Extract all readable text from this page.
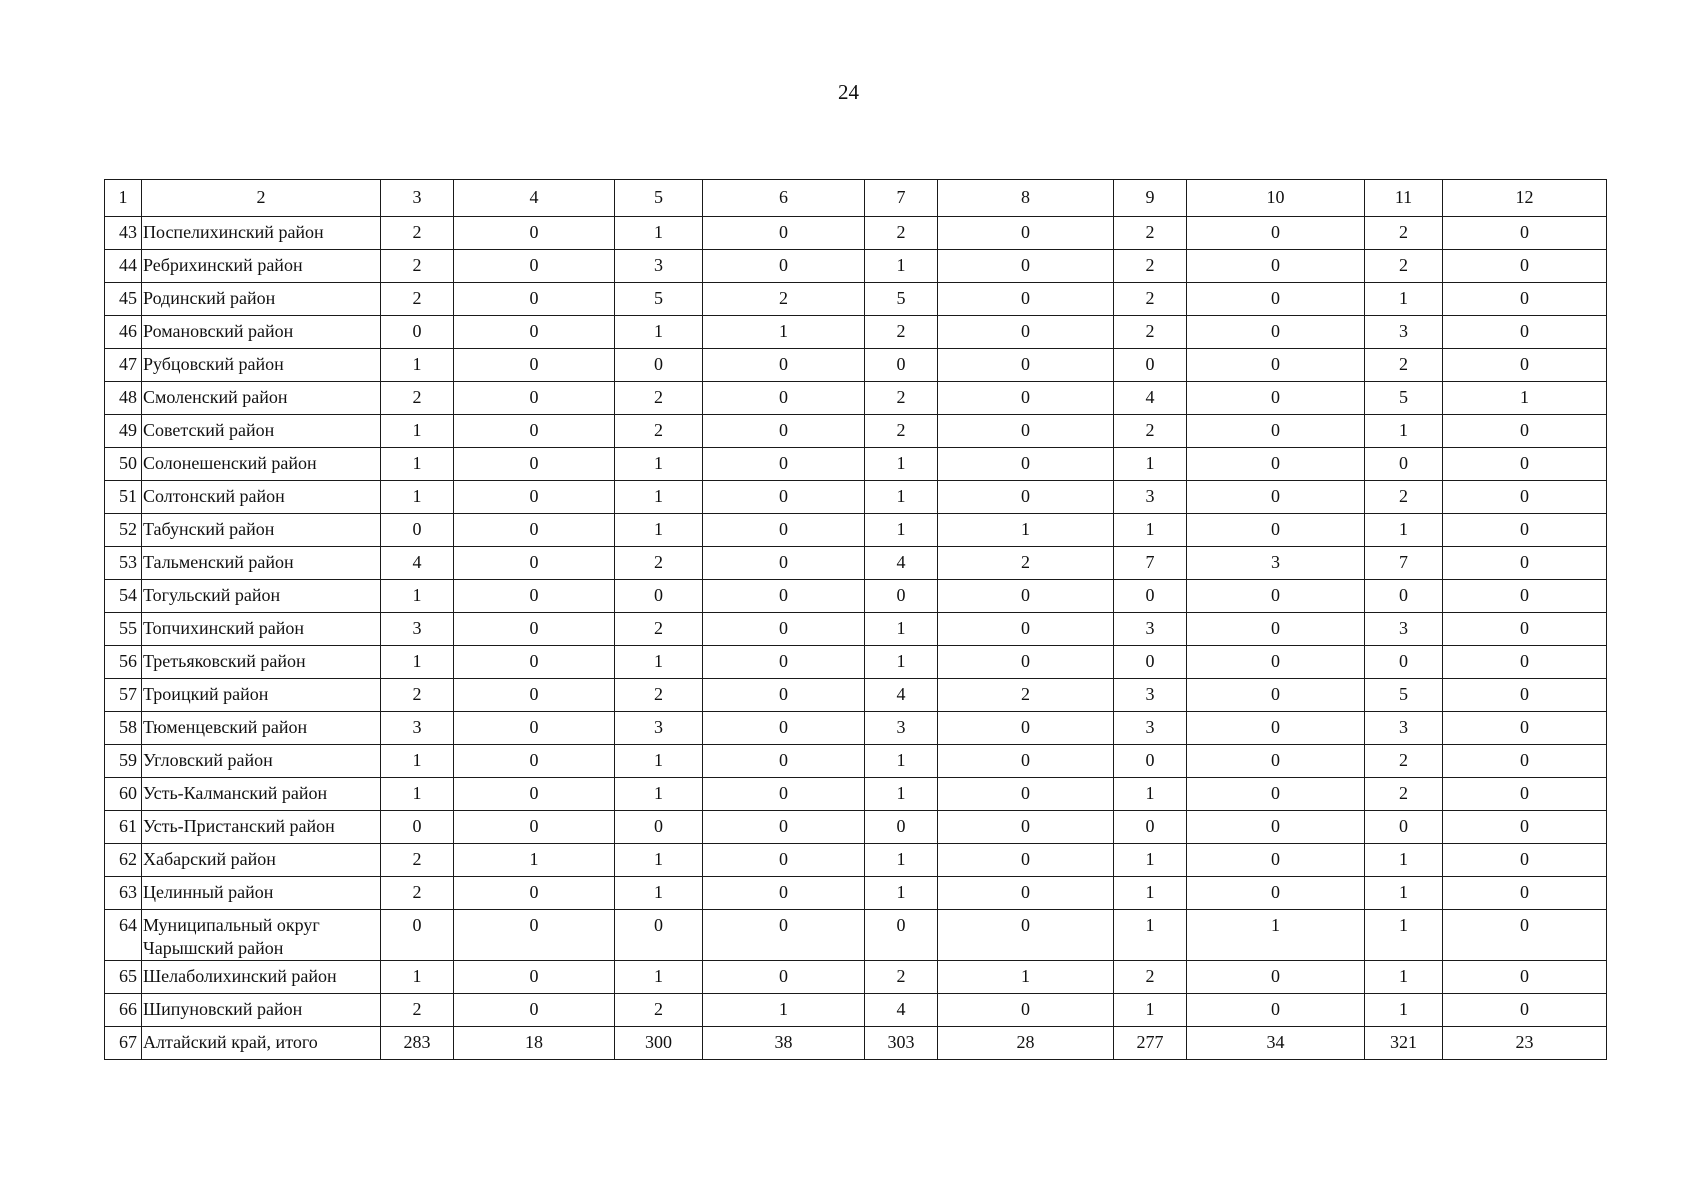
24
1	2	3	4	5	6	7	8	9	10	11	12
43	Поспелихинский район	2	0	1	0	2	0	2	0	2	0
44	Ребрихинский район	2	0	3	0	1	0	2	0	2	0
45	Родинский район	2	0	5	2	5	0	2	0	1	0
46	Романовский район	0	0	1	1	2	0	2	0	3	0
47	Рубцовский район	1	0	0	0	0	0	0	0	2	0
48	Смоленский район	2	0	2	0	2	0	4	0	5	1
49	Советский район	1	0	2	0	2	0	2	0	1	0
50	Солонешенский район	1	0	1	0	1	0	1	0	0	0
51	Солтонский район	1	0	1	0	1	0	3	0	2	0
52	Табунский район	0	0	1	0	1	1	1	0	1	0
53	Тальменский район	4	0	2	0	4	2	7	3	7	0
54	Тогульский район	1	0	0	0	0	0	0	0	0	0
55	Топчихинский район	3	0	2	0	1	0	3	0	3	0
56	Третьяковский район	1	0	1	0	1	0	0	0	0	0
57	Троицкий район	2	0	2	0	4	2	3	0	5	0
58	Тюменцевский район	3	0	3	0	3	0	3	0	3	0
59	Угловский район	1	0	1	0	1	0	0	0	2	0
60	Усть-Калманский район	1	0	1	0	1	0	1	0	2	0
61	Усть-Пристанский район	0	0	0	0	0	0	0	0	0	0
62	Хабарский район	2	1	1	0	1	0	1	0	1	0
63	Целинный район	2	0	1	0	1	0	1	0	1	0
64	Муниципальный округ Чарышский район	0	0	0	0	0	0	1	1	1	0
65	Шелаболихинский район	1	0	1	0	2	1	2	0	1	0
66	Шипуновский район	2	0	2	1	4	0	1	0	1	0
67	Алтайский край, итого	283	18	300	38	303	28	277	34	321	23
